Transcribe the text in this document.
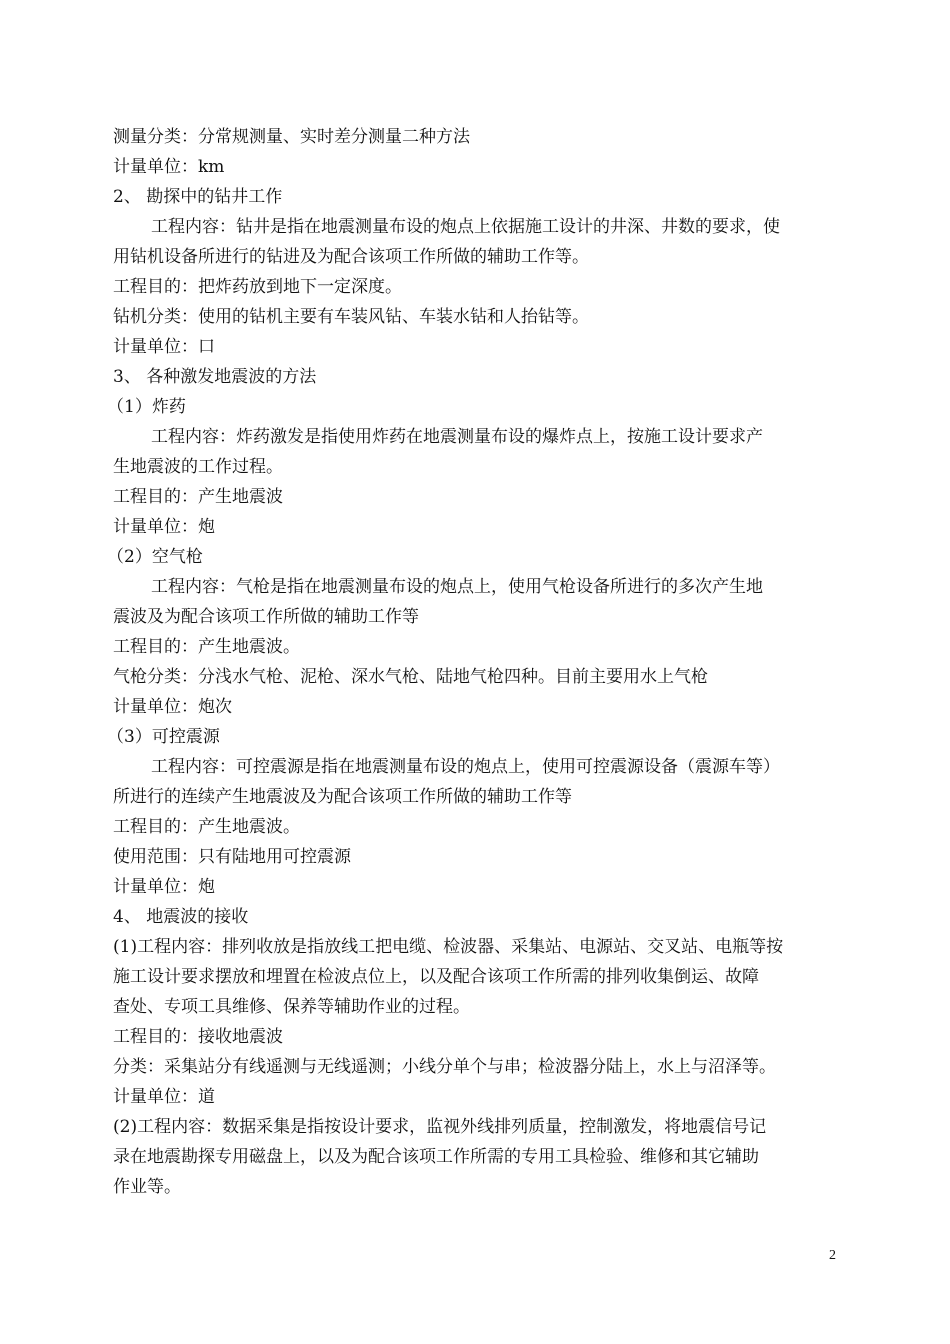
测量分类：分常规测量、实时差分测量二种方法
计量单位：km
2、 勘探中的钻井工作
工程内容：钻井是指在地震测量布设的炮点上依据施工设计的井深、井数的要求，使
用钻机设备所进行的钻进及为配合该项工作所做的辅助工作等。
工程目的：把炸药放到地下一定深度。
钻机分类：使用的钻机主要有车装风钻、车装水钻和人抬钻等。
计量单位：口
3、 各种激发地震波的方法
（1）炸药
工程内容：炸药激发是指使用炸药在地震测量布设的爆炸点上，按施工设计要求产
生地震波的工作过程。
工程目的：产生地震波
计量单位：炮
（2）空气枪
工程内容：气枪是指在地震测量布设的炮点上，使用气枪设备所进行的多次产生地
震波及为配合该项工作所做的辅助工作等
工程目的：产生地震波。
气枪分类：分浅水气枪、泥枪、深水气枪、陆地气枪四种。目前主要用水上气枪
计量单位：炮次
（3）可控震源
工程内容：可控震源是指在地震测量布设的炮点上，使用可控震源设备（震源车等）
所进行的连续产生地震波及为配合该项工作所做的辅助工作等
工程目的：产生地震波。
使用范围：只有陆地用可控震源
计量单位：炮
4、 地震波的接收
(1)工程内容：排列收放是指放线工把电缆、检波器、采集站、电源站、交叉站、电瓶等按
施工设计要求摆放和埋置在检波点位上，以及配合该项工作所需的排列收集倒运、故障
查处、专项工具维修、保养等辅助作业的过程。
工程目的：接收地震波
分类：采集站分有线遥测与无线遥测；小线分单个与串；检波器分陆上，水上与沼泽等。
计量单位：道
(2)工程内容：数据采集是指按设计要求，监视外线排列质量，控制激发，将地震信号记
录在地震勘探专用磁盘上，以及为配合该项工作所需的专用工具检验、维修和其它辅助
作业等。
2
